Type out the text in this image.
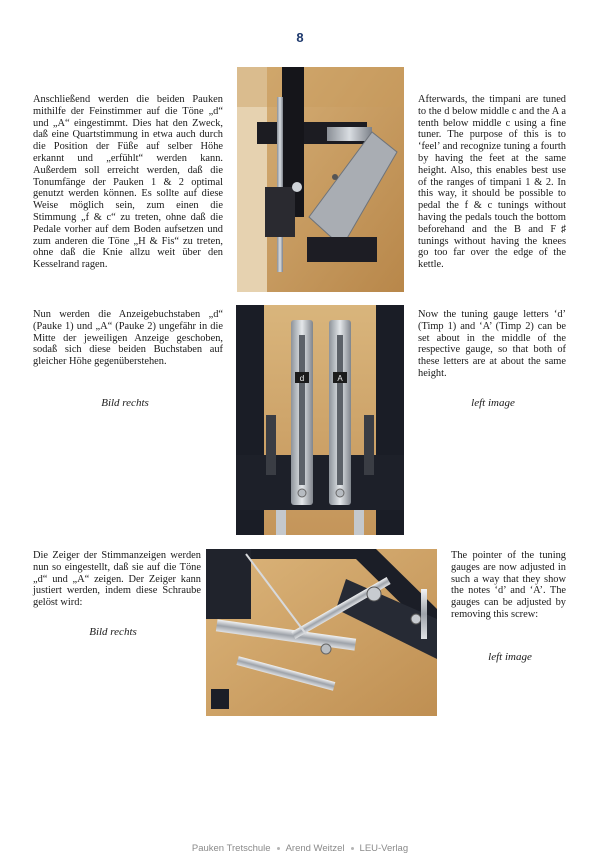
8
Anschließend werden die beiden Pauken mithilfe der Feinstimmer auf die Töne „d“ und „A“ eingestimmt. Dies hat den Zweck, daß eine Quartstimmung in etwa auch durch die Position der Füße auf selber Höhe erkannt und „erfühlt“ werden kann. Außerdem soll erreicht werden, daß die Tonumfänge der Pauken 1 & 2 optimal genutzt werden können. Es sollte auf diese Weise möglich sein, zum einen die Stimmung „f & c“ zu treten, ohne daß die Pedale vorher auf dem Boden aufsetzen und zum anderen die Töne „H & Fis“ zu treten, ohne daß die Knie allzu weit über den Kesselrand ragen.
Afterwards, the timpani are tuned to the d below middle c and the A a tenth below middle c using a fine tuner. The purpose of this is to ‘feel’ and recognize tuning a fourth by having the feet at the same height. Also, this enables best use of the ranges of timpani 1 & 2. In this way, it should be possible to pedal the f & c tunings without having the pedals touch the bottom beforehand and the B and F♯ tunings without having the knees go too far over the edge of the kettle.
Nun werden die Anzeigebuchstaben „d“ (Pauke 1) und „A“ (Pauke 2) ungefähr in die Mitte der jeweiligen Anzeige geschoben, sodaß sich diese beiden Buchstaben auf gleicher Höhe gegenüberstehen.
Bild rechts
d	A
Now the tuning gauge letters ‘d’ (Timp 1) and ‘A’ (Timp 2) can be set about in the middle of the respective gauge, so that both of these letters are at about the same height.
left image
Die Zeiger der Stimmanzeigen werden nun so eingestellt, daß sie auf die Töne „d“ und „A“ zeigen. Der Zeiger kann justiert werden, indem diese Schraube gelöst wird:
Bild rechts
The pointer of the tuning gauges are now adjusted in such a way that they show the notes ‘d’ and ‘A’. The gauges can be adjusted by removing this screw:
left image
Pauken Tretschule Arend Weitzel LEU-Verlag
